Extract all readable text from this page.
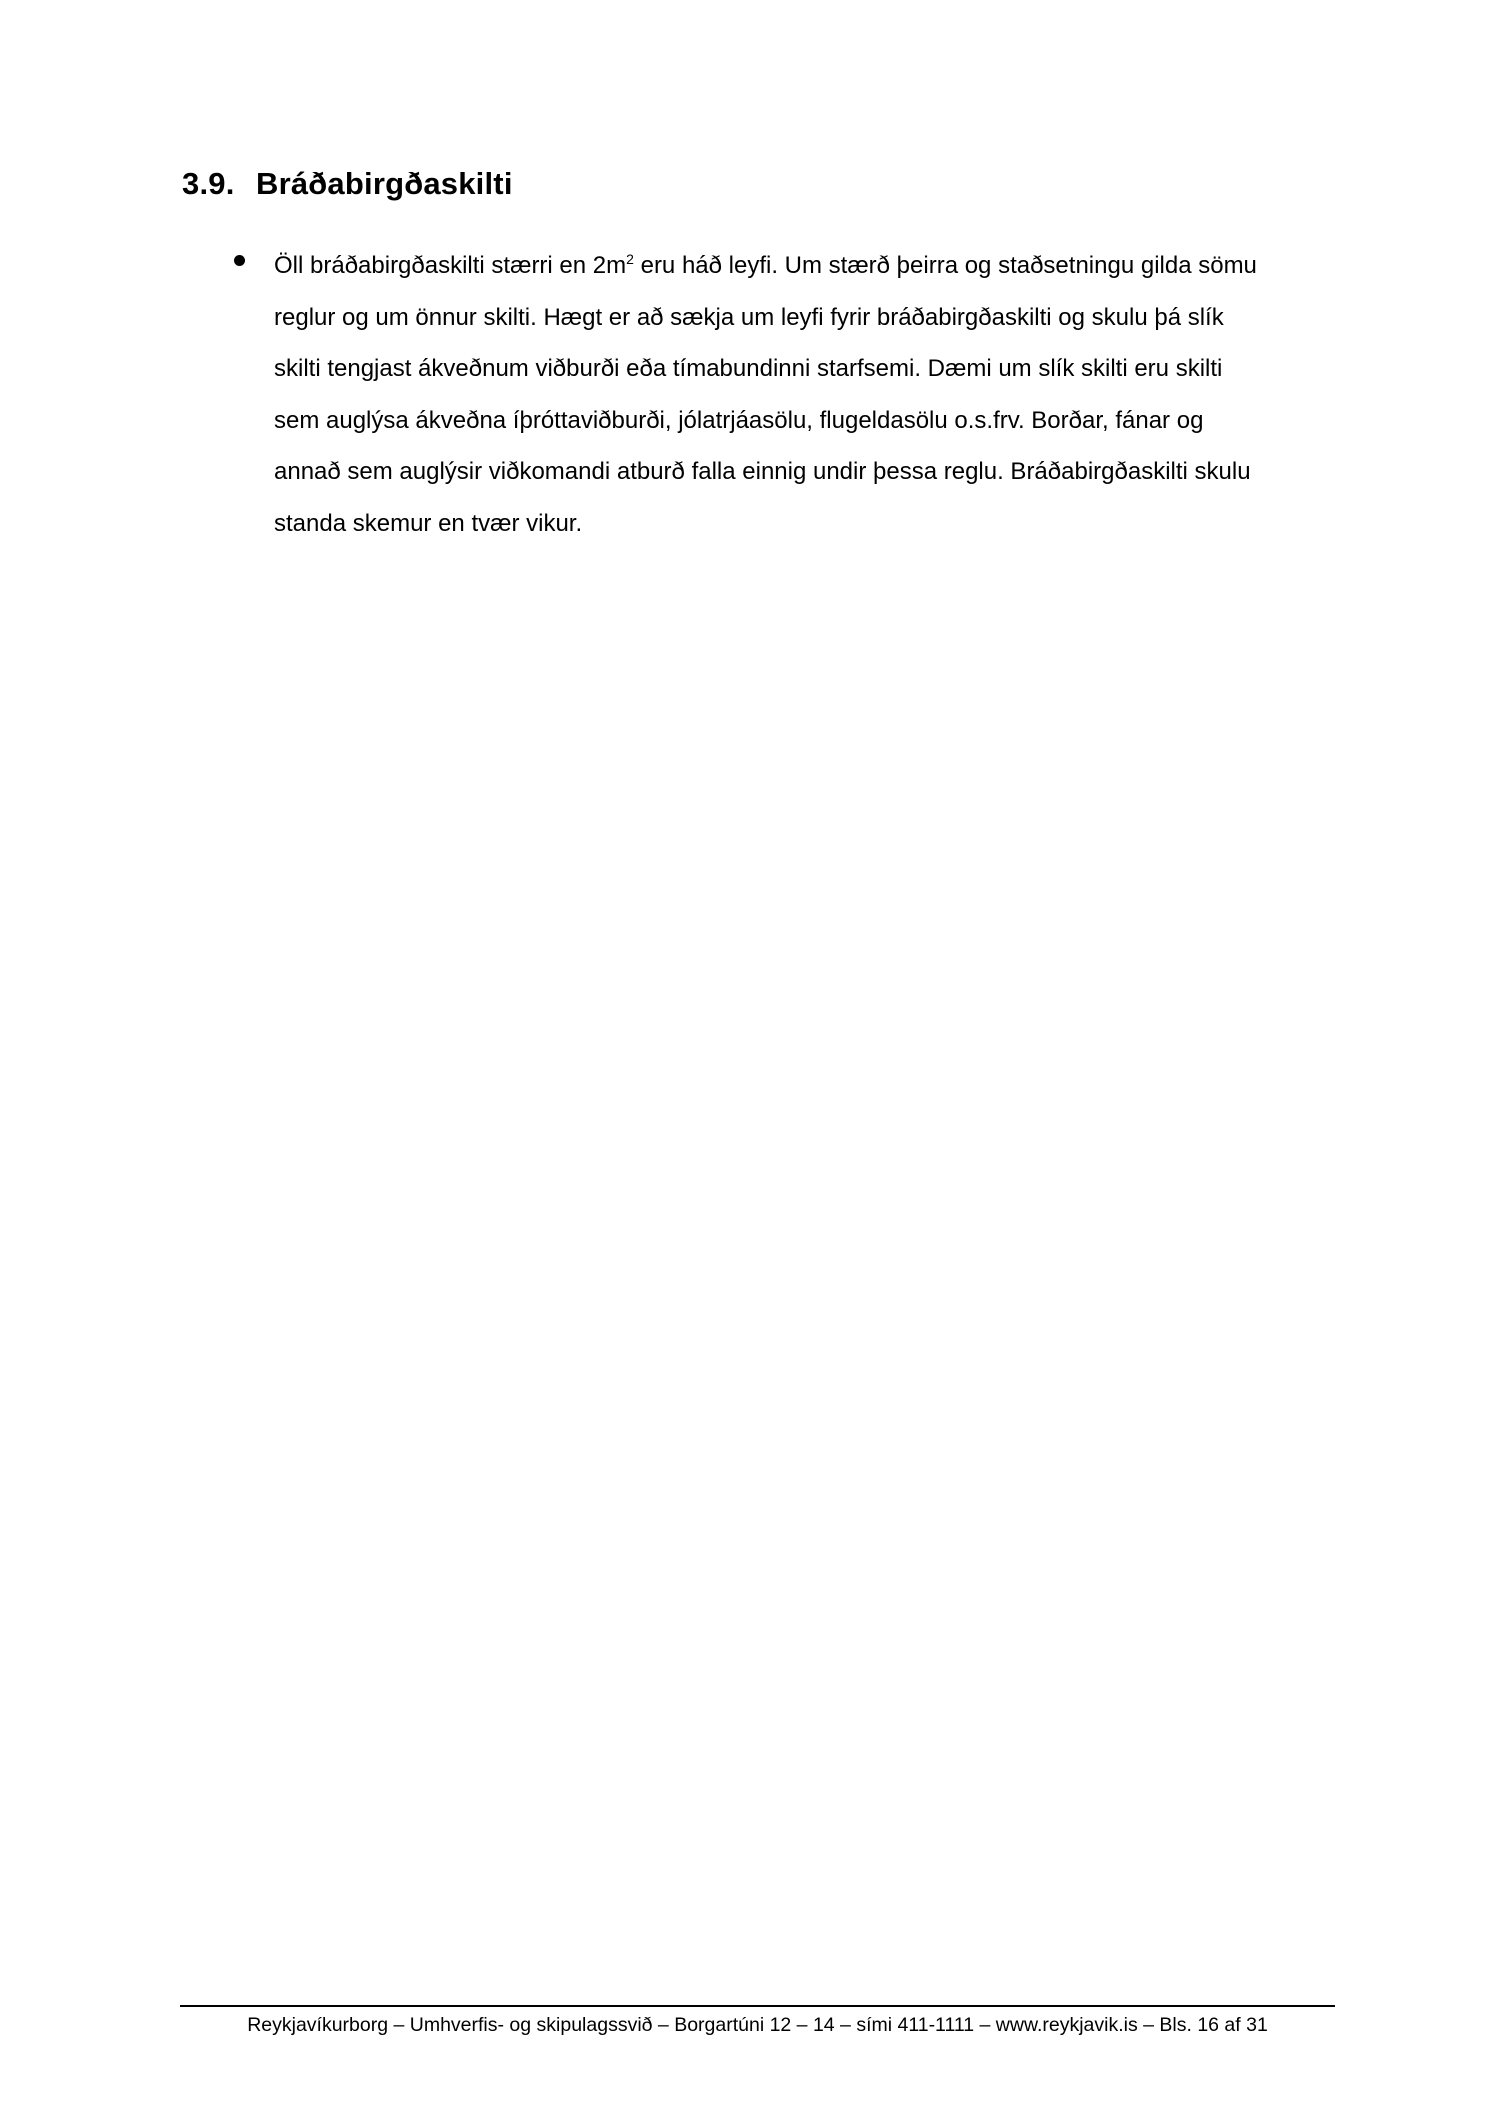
3.9. Bráðabirgðaskilti
Öll bráðabirgðaskilti stærri en $2m^2$ eru háð leyfi. Um stærð þeirra og staðsetningu gilda sömu
reglur og um önnur skilti. Hægt er að sækja um leyfi fyrir bráðabirgðaskilti og skulu þá slík
skilti tengjast ákveðnum viðburði eða tímabundinni starfsemi. Dæmi um slík skilti eru skilti
sem auglýsa ákveðna íþróttaviðburði, jólatrjáasölu, flugeldasölu o.s.frv. Borðar, fánar og
annað sem auglýsir viðkomandi atburð falla einnig undir þessa reglu. Bráðabirgðaskilti skulu
standa skemur en tvær vikur.
Reykjavíkurborg – Umhverfis- og skipulagssvið – Borgartúni 12 – 14 – sími 411-1111 – www.reykjavik.is – Bls. 16 af 31
